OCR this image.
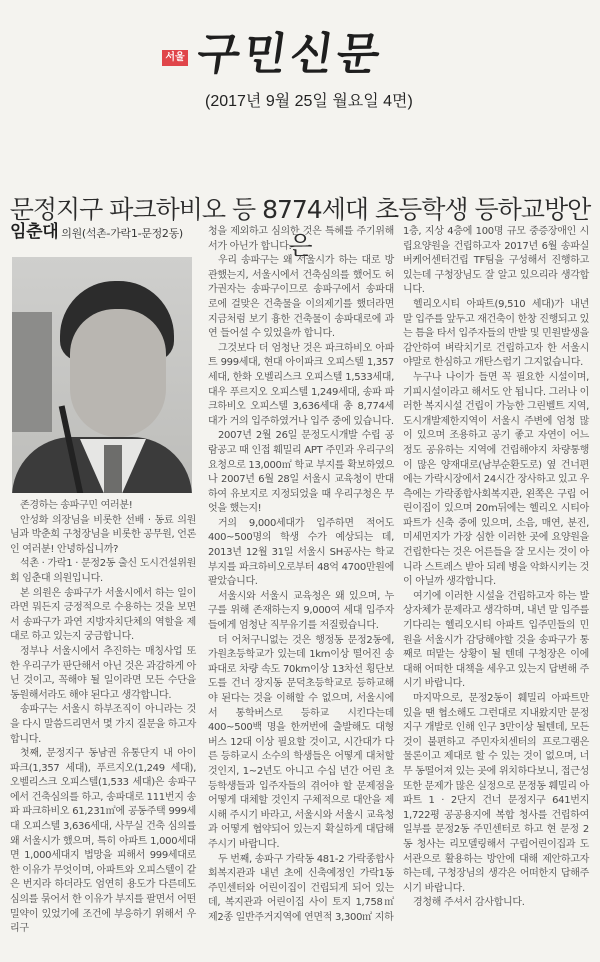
서울 구민신문
(2017년 9월 25일 월요일 4면)
문정지구 파크하비오 등 8774세대 초등학생 등하교방안은
임춘대 의원(석촌-가락1-문정2동)

존경하는 송파구민 여러분!

안성화 의장님을 비롯한 선배 · 동료 의원님과 박춘희 구청장님을 비롯한 공무원, 언론인 여러분! 안녕하십니까?

석촌 · 가락1 · 문정2동 출신 도시건설위원회 임춘대 의원입니다.

본 의원은 송파구가 서울시에서 하는 일이라면 뭐든지 긍정적으로 수용하는 것을 보면서 송파구가 과연 지방자치단체의 역할을 제대로 하고 있는지 궁금합니다.

정부나 서울시에서 추진하는 매칭사업 또한 우리구가 판단해서 아닌 것은 과감하게 아닌 것이고, 꼭해야 될 일이라면 모든 수단을 동원해서라도 해야 된다고 생각합니다.

송파구는 서울시 하부조직이 아니라는 것을 다시 말씀드리면서 몇 가지 질문을 하고자 합니다.

첫째, 문정지구 동남권 유통단지 내 아이파크(1,357 세대), 푸르지오(1,249 세대), 오벨리스크 오피스텔(1,533 세대)은 송파구에서 건축심의를 하고, 송파대로 111번지 송파 파크하비오 61,231㎡에 공동주택 999세대 오피스텔 3,636세대, 사무실 건축 심의를 왜 서울시가 했으며, 특히 아파트 1,000세대면 1,000세대지 법망을 피해서 999세대로 한 이유가 무엇이며, 아파트와 오피스텔이 같은 번지라 하더라도 엄연히 용도가 다른데도 심의를 묶어서 한 이유가 부지를 팔면서 어떤 밀약이 있었기에 조건에 부응하기 위해서 우리구

청을 제외하고 심의한 것은 특혜를 주기위해서가 아닌가 합니다.

우리 송파구는 왜 서울시가 하는 대로 방관했는지, 서울시에서 건축심의를 했어도 허가권자는 송파구이므로 송파구에서 송파대로에 걸맞은 건축물을 이의제기를 했더라면 지금처럼 보기 흉한 건축물이 송파대로에 과연 들어설 수 있었을까 합니다.

그것보다 더 엄청난 것은 파크하비오 아파트 999세대, 현대 아이파크 오피스텔 1,357세대, 한화 오벨리스크 오피스텔 1,533세대, 대우 푸르지오 오피스텔 1,249세대, 송파 파크하비오 오피스텔 3,636세대 총 8,774세대가 거의 입주하였거나 입주 중에 있습니다.

2007년 2월 26일 문정도시개발 수립 공람공고 때 인접 훼밀리 APT 주민과 우리구의 요청으로 13,000㎡ 학교 부지를 확보하였으나 2007년 6월 28일 서울시 교육청이 반대하여 유보지로 지정되었을 때 우리구청은 무엇을 했는지!

거의 9,000세대가 입주하면 적어도 400~500명의 학생 수가 예상되는 데, 2013년 12월 31일 서울시 SH공사는 학교부지를 파크하비오로부터 48억 4700만원에 팔았습니다.

서울시와 서울시 교육청은 왜 있으며, 누구를 위해 존재하는지 9,000여 세대 입주자들에게 엄청난 직무유기를 저질렀습니다.

더 어처구니없는 것은 행정동 문정2동에, 가원초등학교가 있는데 1km이상 떨어진 송파대로 차량 속도 70km이상 13차선 횡단보도를 건너 장지동 문덕초등학교로 등하교해야 된다는 것을 이해할 수 없으며, 서울시에서 통학버스로 등하교 시킨다는데 400~500백 명을 한꺼번에 출발해도 대형버스 12대 이상 필요할 것이고, 시간대가 다른 등하교시 소수의 학생들은 어떻게 대처할 것인지, 1~2년도 아니고 수십 년간 어린 초등학생들과 입주자들의 겪어야 할 문제점을 어떻게 대체할 것인지 구체적으로 대안을 제시해 주시기 바라고, 서울시와 서울시 교육청과 어떻게 협약되어 있는지 확실하게 대답해 주시기 바랍니다.

두 번째, 송파구 가락동 481-2 가락종합사회복지관과 내년 초에 신축예정인 가락1동 주민센터와 어린이집이 건립되게 되어 있는데, 복지관과 어린이집 사이 토지 1,758㎡ 제2종 일반주거지역에 연면적 3,300㎡ 지하

1층, 지상 4층에 100명 규모 중증장애인 시립요양원을 건립하고자 2017년 6월 송파실버케어센터건립 TF팀을 구성해서 진행하고 있는데 구청장님도 잘 알고 있으리라 생각합니다.

헬리오시티 아파트(9,510 세대)가 내년 말 입주를 앞두고 재건축이 한창 진행되고 있는 틈을 타서 입주자들의 반발 및 민원발생을 감안하여 벼락치기로 건립하고자 한 서울시야말로 한심하고 개탄스럽기 그지없습니다.

누구나 나이가 들면 꼭 필요한 시설이며, 기피시설이라고 해서도 안 됩니다. 그러나 이러한 복지시설 건립이 가능한 그린벨트 지역, 도시개발제한지역이 서울시 주변에 엄청 많이 있으며 조용하고 공기 좋고 자연이 어느 정도 공유하는 지역에 건립해야지 차량통행이 많은 양재대로(남부순환도로) 옆 건너편에는 가락시장에서 24시간 장사하고 있고 우측에는 가락종합사회복지관, 왼쪽은 구립 어린이집이 있으며 20m뒤에는 헬리오 시티아파트가 신축 중에 있으며, 소음, 매연, 분진, 미세먼지가 가장 심한 이러한 곳에 요양원을 건립한다는 것은 어른들을 잘 모시는 것이 아니라 스트레스 받아 되레 병을 악화시키는 것이 아닐까 생각합니다.

여기에 이러한 시설을 건립하고자 하는 발상자체가 문제라고 생각하며, 내년 말 입주를 기다리는 헬리오시티 아파트 입주민들의 민원을 서울시가 감당해야할 것을 송파구가 통째로 떠맡는 상황이 될 텐데 구청장은 이에 대해 어떠한 대책을 세우고 있는지 답변해 주시기 바랍니다.

마지막으로, 문정2동이 훼밀리 아파트만 있을 땐 협소해도 그런대로 지내왔지만 문정지구 개발로 인해 인구 3만이상 될텐데, 모든 것이 불편하고 주민자치센터의 프로그램은 물론이고 제대로 할 수 있는 것이 없으며, 너무 동떨어져 있는 곳에 위치하다보니, 접근성 또한 문제가 많은 실정으로 문정동 훼밀리 아파트 1 · 2단지 건너 문정지구 641번지 1,722평 공공용지에 복합 청사를 건립하여 일부를 문정2동 주민센터로 하고 현 문정 2동 청사는 리모델링해서 구립어린이집과 도서관으로 활용하는 방안에 대해 제안하고자 하는데, 구청장님의 생각은 어떠한지 답해주시기 바랍니다.

경청해 주셔서 감사합니다.
